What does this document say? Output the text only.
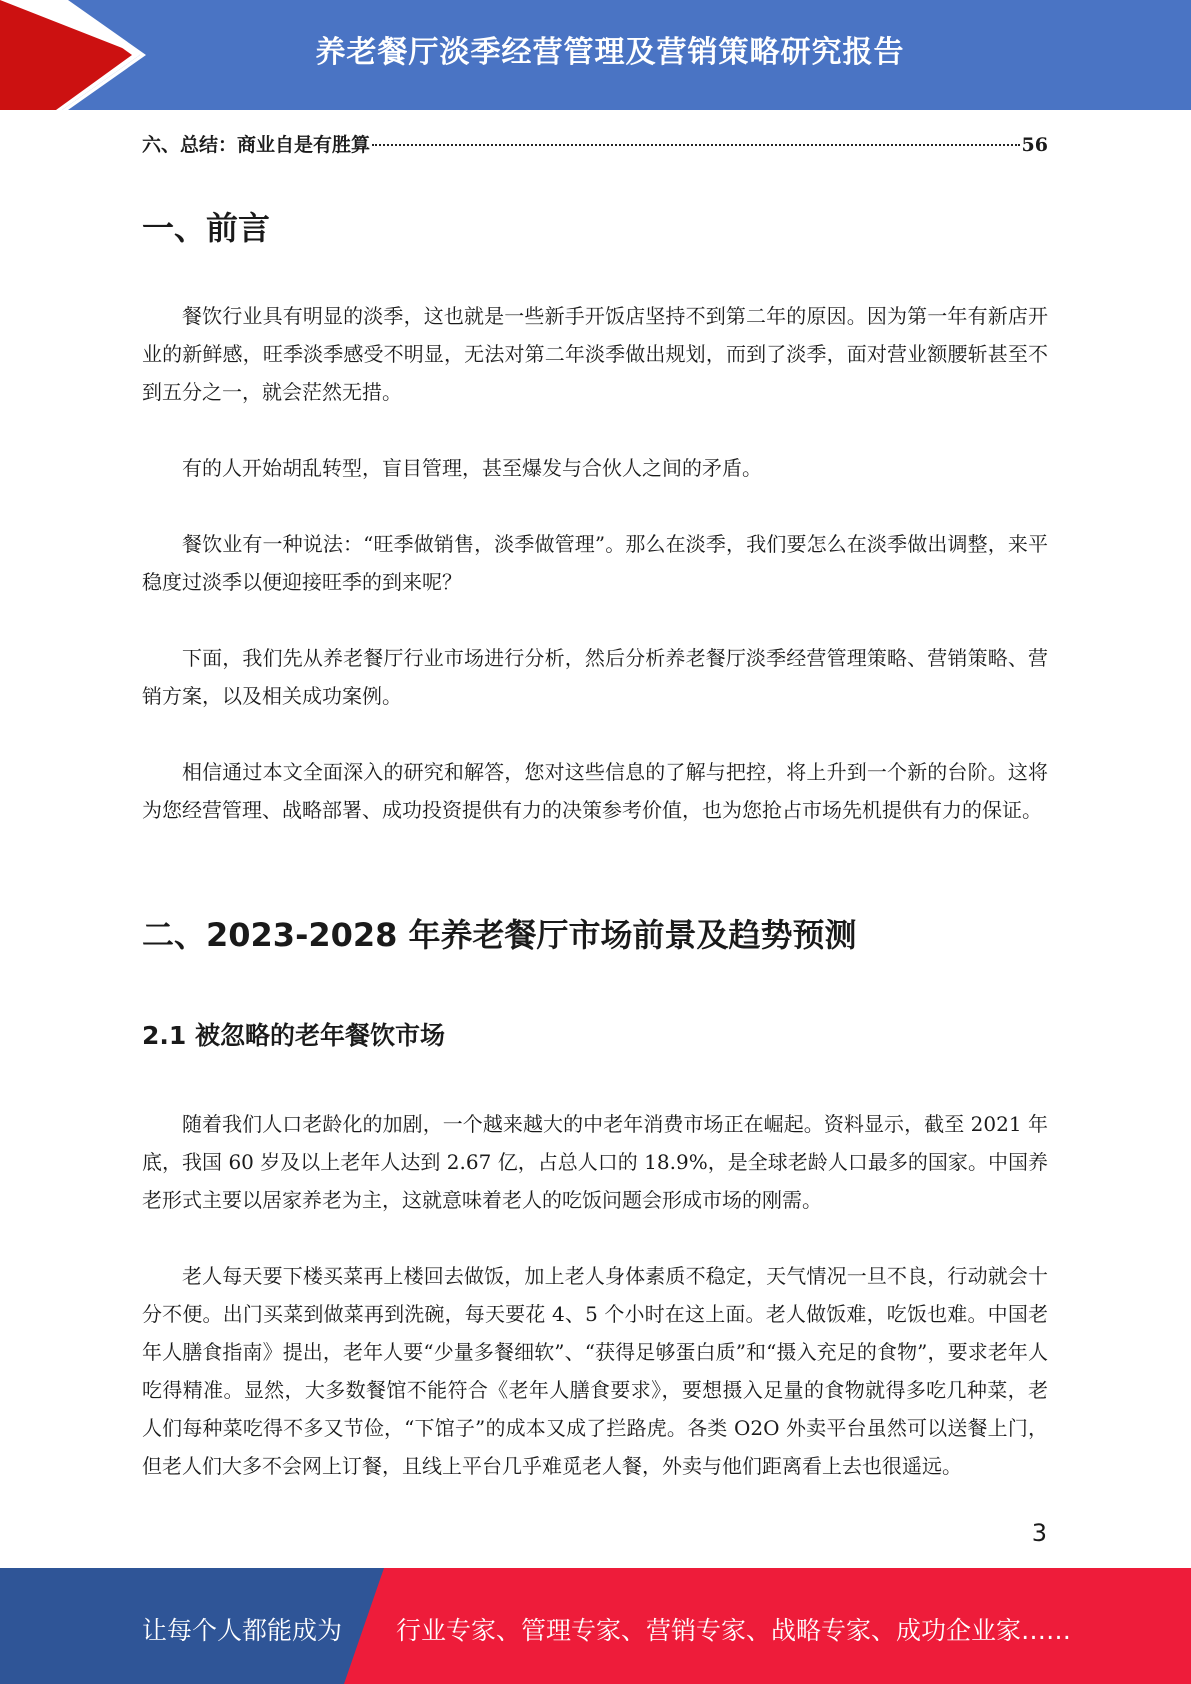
养老餐厅淡季经营管理及营销策略研究报告
六、总结：商业自是有胜算	56
一、前言

餐饮行业具有明显的淡季，这也就是一些新手开饭店坚持不到第二年的原因。因为第一年有新店开业的新鲜感，旺季淡季感受不明显，无法对第二年淡季做出规划，而到了淡季，面对营业额腰斩甚至不到五分之一，就会茫然无措。

有的人开始胡乱转型，盲目管理，甚至爆发与合伙人之间的矛盾。

餐饮业有一种说法：“旺季做销售，淡季做管理”。那么在淡季，我们要怎么在淡季做出调整，来平稳度过淡季以便迎接旺季的到来呢？

下面，我们先从养老餐厅行业市场进行分析，然后分析养老餐厅淡季经营管理策略、营销策略、营销方案，以及相关成功案例。

相信通过本文全面深入的研究和解答，您对这些信息的了解与把控，将上升到一个新的台阶。这将为您经营管理、战略部署、成功投资提供有力的决策参考价值，也为您抢占市场先机提供有力的保证。

二、2023-2028 年养老餐厅市场前景及趋势预测
2.1 被忽略的老年餐饮市场

随着我们人口老龄化的加剧，一个越来越大的中老年消费市场正在崛起。资料显示，截至 2021 年底，我国 60 岁及以上老年人达到 2.67 亿，占总人口的 18.9%，是全球老龄人口最多的国家。中国养老形式主要以居家养老为主，这就意味着老人的吃饭问题会形成市场的刚需。

老人每天要下楼买菜再上楼回去做饭，加上老人身体素质不稳定，天气情况一旦不良，行动就会十分不便。出门买菜到做菜再到洗碗，每天要花 4、5 个小时在这上面。老人做饭难，吃饭也难。中国老年人膳食指南》提出，老年人要“少量多餐细软”、“获得足够蛋白质”和“摄入充足的食物”，要求老年人吃得精准。显然，大多数餐馆不能符合《老年人膳食要求》，要想摄入足量的食物就得多吃几种菜，老人们每种菜吃得不多又节俭，“下馆子”的成本又成了拦路虎。各类 O2O 外卖平台虽然可以送餐上门，但老人们大多不会网上订餐，且线上平台几乎难觅老人餐，外卖与他们距离看上去也很遥远。

3
让每个人都能成为 行业专家、管理专家、营销专家、战略专家、成功企业家……
